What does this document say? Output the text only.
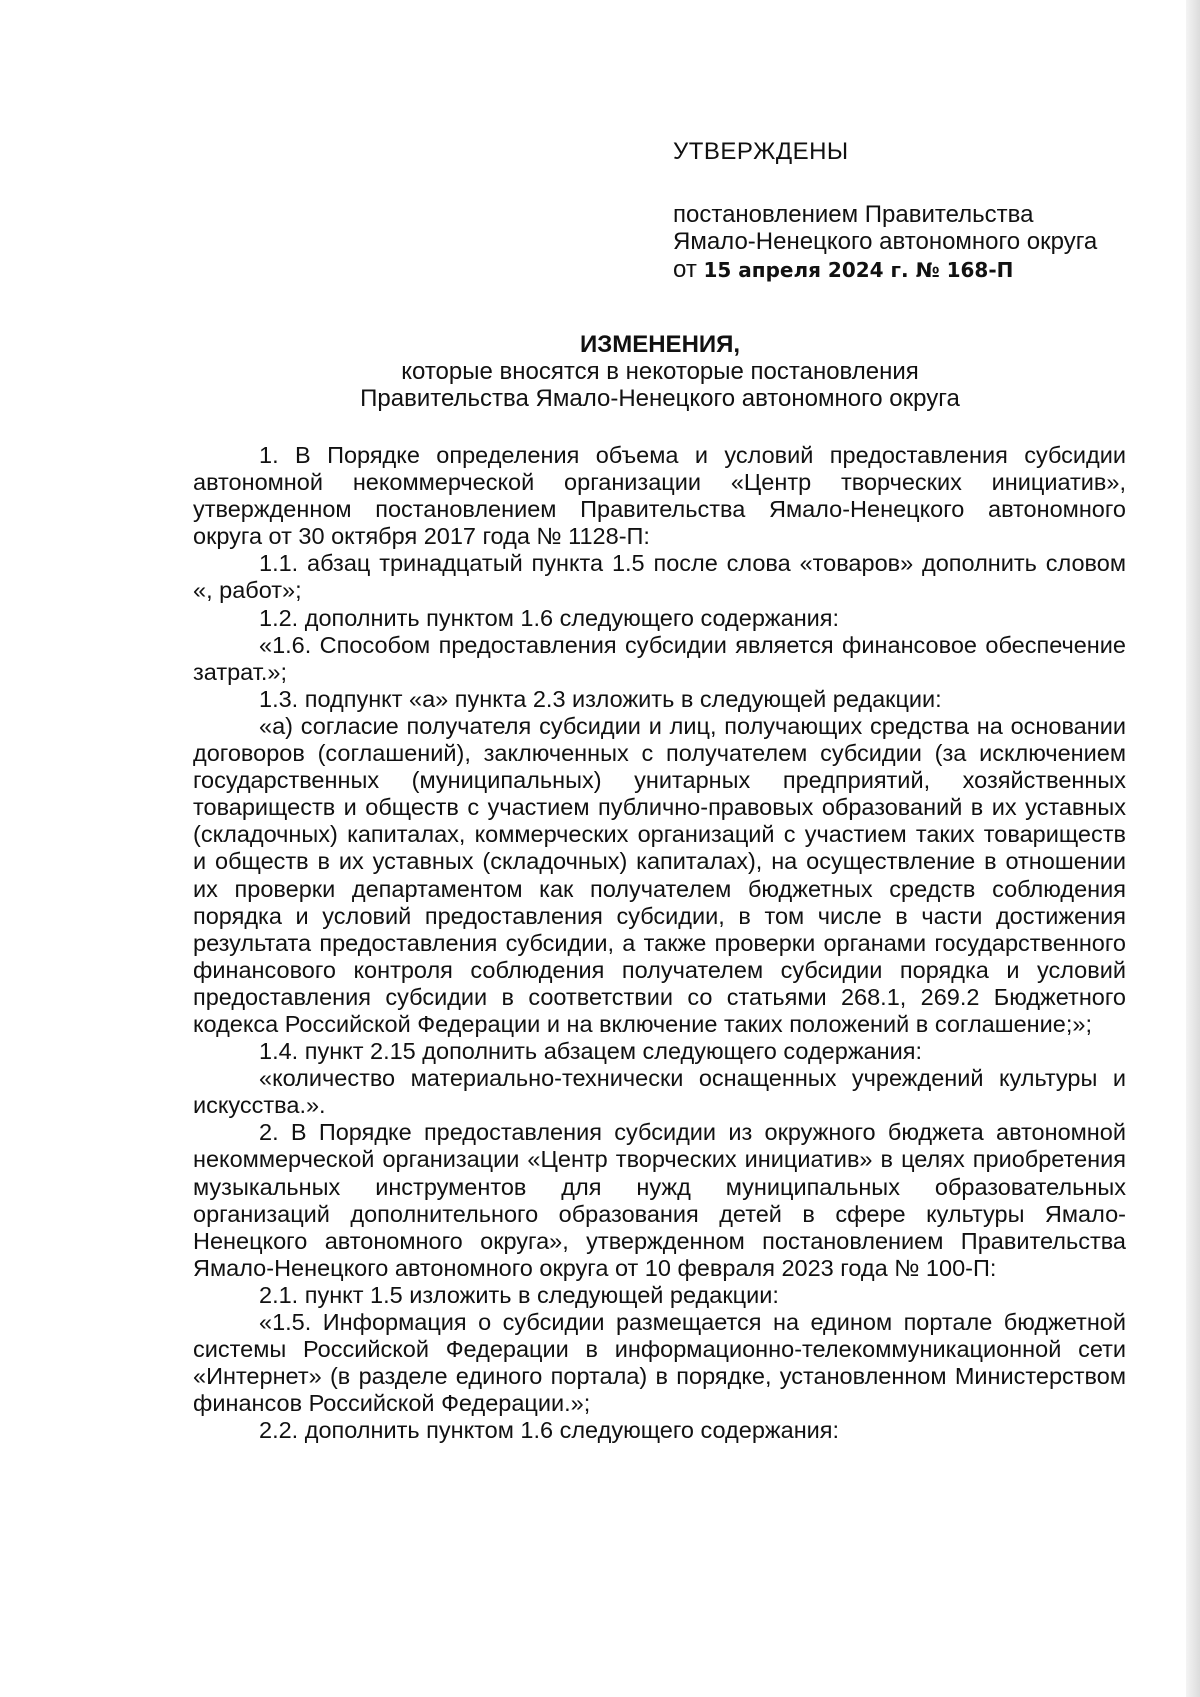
УТВЕРЖДЕНЫ
постановлением Правительства
Ямало-Ненецкого автономного округа
от 15 апреля 2024 г. № 168-П
ИЗМЕНЕНИЯ,
которые вносятся в некоторые постановления
Правительства Ямало-Ненецкого автономного округа

1. В Порядке определения объема и условий предоставления субсидии автономной некоммерческой организации «Центр творческих инициатив», утвержденном постановлением Правительства Ямало-Ненецкого автономного округа от 30 октября 2017 года № 1128-П:

1.1. абзац тринадцатый пункта 1.5 после слова «товаров» дополнить словом «, работ»;

1.2. дополнить пунктом 1.6 следующего содержания:

«1.6. Способом предоставления субсидии является финансовое обеспечение затрат.»;

1.3. подпункт «а» пункта 2.3 изложить в следующей редакции:

«а) согласие получателя субсидии и лиц, получающих средства на основании договоров (соглашений), заключенных с получателем субсидии (за исключением государственных (муниципальных) унитарных предприятий, хозяйственных товариществ и обществ с участием публично-правовых образований в их уставных (складочных) капиталах, коммерческих организаций с участием таких товариществ и обществ в их уставных (складочных) капиталах), на осуществление в отношении их проверки департаментом как получателем бюджетных средств соблюдения порядка и условий предоставления субсидии, в том числе в части достижения результата предоставления субсидии, а также проверки органами государственного финансового контроля соблюдения получателем субсидии порядка и условий предоставления субсидии в соответствии со статьями 268.1, 269.2 Бюджетного кодекса Российской Федерации и на включение таких положений в соглашение;»;

1.4. пункт 2.15 дополнить абзацем следующего содержания:

«количество материально-технически оснащенных учреждений культуры и искусства.».

2. В Порядке предоставления субсидии из окружного бюджета автономной некоммерческой организации «Центр творческих инициатив» в целях приобретения музыкальных инструментов для нужд муниципальных образовательных организаций дополнительного образования детей в сфере культуры Ямало-Ненецкого автономного округа», утвержденном постановлением Правительства Ямало-Ненецкого автономного округа от 10 февраля 2023 года № 100-П:

2.1. пункт 1.5 изложить в следующей редакции:

«1.5. Информация о субсидии размещается на едином портале бюджетной системы Российской Федерации в информационно-телекоммуникационной сети «Интернет» (в разделе единого портала) в порядке, установленном Министерством финансов Российской Федерации.»;

2.2. дополнить пунктом 1.6 следующего содержания:
